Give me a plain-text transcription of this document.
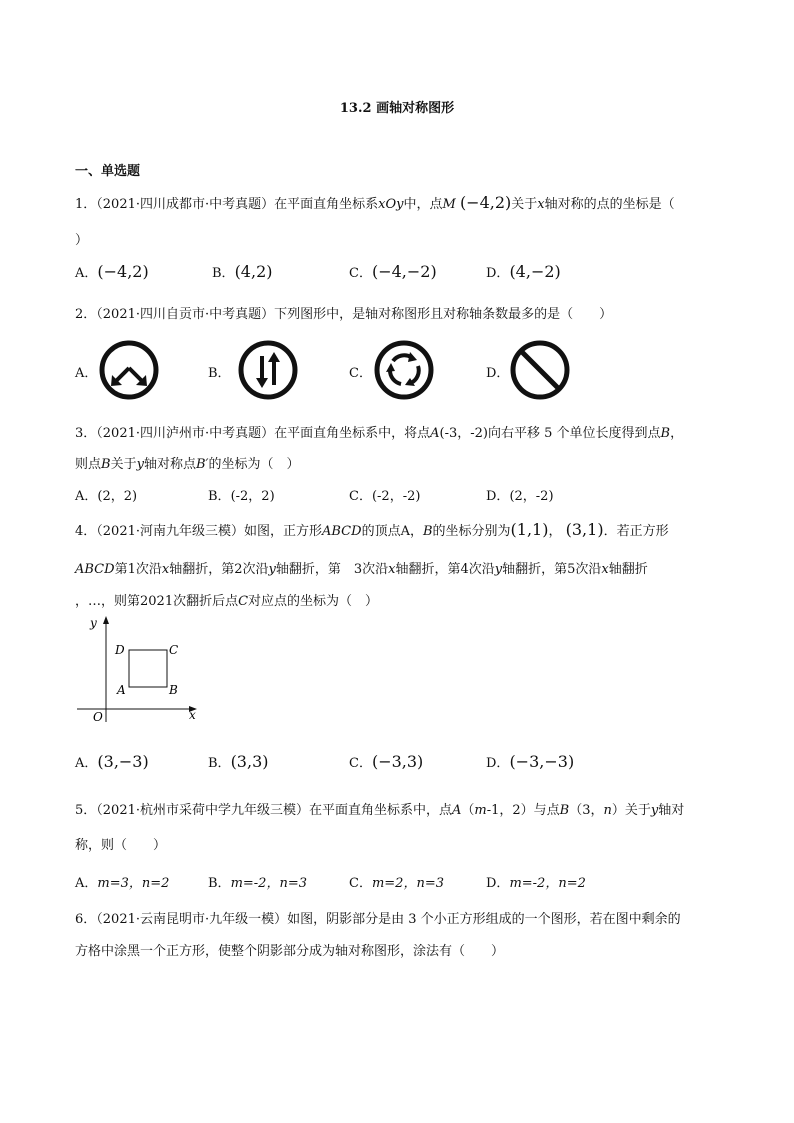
13.2 画轴对称图形
一、单选题
1．（2021·四川成都市·中考真题）在平面直角坐标系xOy中，点M (−4,2)关于x轴对称的点的坐标是（
）
A．(−4,2)	B．(4,2)	C．(−4,−2)	D．(4,−2)
2．（2021·四川自贡市·中考真题）下列图形中，是轴对称图形且对称轴条数最多的是（　　）
A．	B．	C．	D．
3．（2021·四川泸州市·中考真题）在平面直角坐标系中，将点A(-3，-2)向右平移 5 个单位长度得到点B，
则点B关于y轴对称点B′的坐标为（　）
A．(2，2)	B．(-2，2)	C．(-2，-2)	D．(2，-2)
4．（2021·河南九年级三模）如图，正方形ABCD的顶点A，B的坐标分别为(1,1)， (3,1)．若正方形
ABCD第1次沿x轴翻折，第2次沿y轴翻折，第　3次沿x轴翻折，第4次沿y轴翻折，第5次沿x轴翻折
，…，则第2021次翻折后点C对应点的坐标为（　）
y
x
O
A	B
C
D
A．(3,−3)	B．(3,3)	C．(−3,3)	D．(−3,−3)
5．（2021·杭州市采荷中学九年级三模）在平面直角坐标系中，点A（m-1，2）与点B（3，n）关于y轴对
称，则（　　）
A．m=3，n=2	B．m=-2，n=3	C．m=2，n=3	D．m=-2，n=2
6．（2021·云南昆明市·九年级一模）如图，阴影部分是由 3 个小正方形组成的一个图形，若在图中剩余的
方格中涂黑一个正方形，使整个阴影部分成为轴对称图形，涂法有（　　）
